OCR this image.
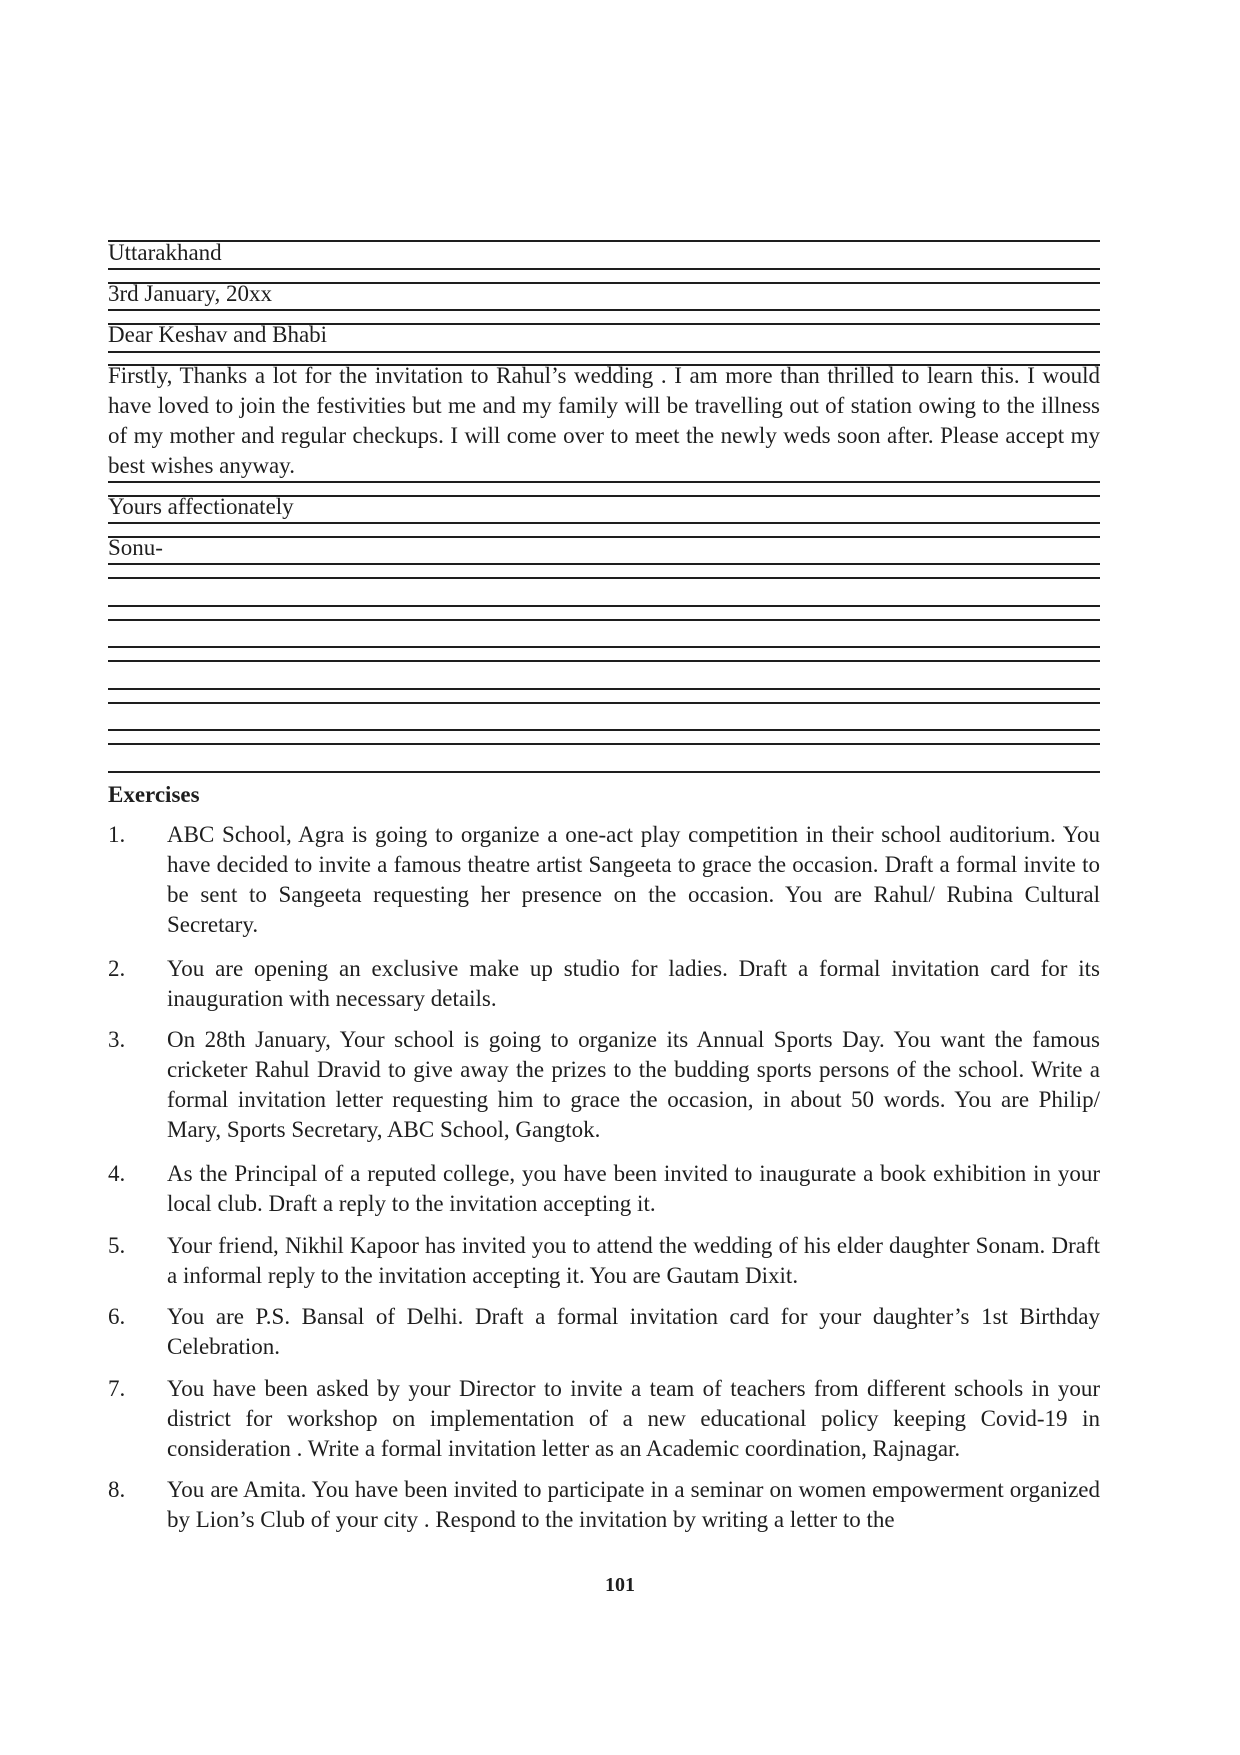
Uttarakhand
3rd January, 20xx
Dear Keshav and Bhabi
Firstly, Thanks a lot for the invitation to Rahul’s wedding . I am more than thrilled to learn this. I would have loved to join the festivities but me and my family will be travelling out of station owing to the illness of my mother and regular checkups. I will come over to meet the newly weds soon after. Please accept my best wishes anyway.
Yours affectionately
Sonu-
Exercises
1. ABC School, Agra is going to organize a one-act play competition in their school auditorium. You have decided to invite a famous theatre artist Sangeeta to grace the occasion. Draft a formal invite to be sent to Sangeeta requesting her presence on the occasion. You are Rahul/ Rubina Cultural Secretary.
2. You are opening an exclusive make up studio for ladies. Draft a formal invitation card for its inauguration with necessary details.
3. On 28th January, Your school is going to organize its Annual Sports Day. You want the famous cricketer Rahul Dravid to give away the prizes to the budding sports persons of the school. Write a formal invitation letter requesting him to grace the occasion, in about 50 words. You are Philip/ Mary, Sports Secretary, ABC School, Gangtok.
4. As the Principal of a reputed college, you have been invited to inaugurate a book exhibition in your local club. Draft a reply to the invitation accepting it.
5. Your friend, Nikhil Kapoor has invited you to attend the wedding of his elder daughter Sonam. Draft a informal reply to the invitation accepting it. You are Gautam Dixit.
6. You are P.S. Bansal of Delhi. Draft a formal invitation card for your daughter’s 1st Birthday Celebration.
7. You have been asked by your Director to invite a team of teachers from different schools in your district for workshop on implementation of a new educational policy keeping Covid-19 in consideration . Write a formal invitation letter as an Academic coordination, Rajnagar.
8. You are Amita. You have been invited to participate in a seminar on women empowerment organized by Lion’s Club of your city . Respond to the invitation by writing a letter to the
101
